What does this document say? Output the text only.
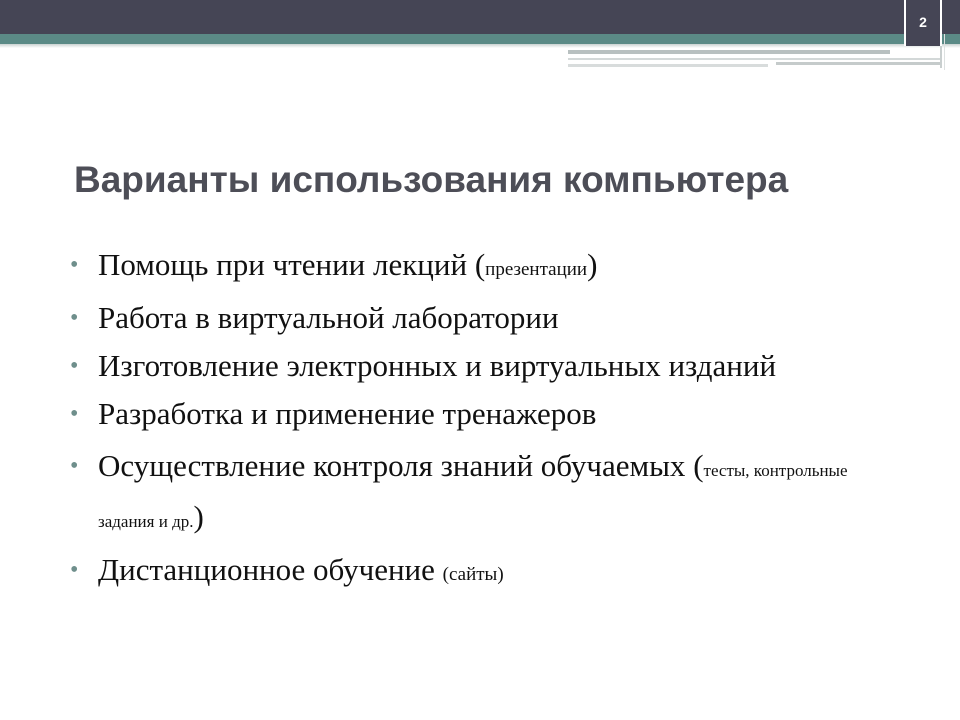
2
Варианты использования компьютера
• Помощь при чтении лекций (презентации)
• Работа в виртуальной лаборатории
• Изготовление электронных и виртуальных изданий
• Разработка и применение тренажеров
• Осуществление контроля знаний обучаемых (тесты, контрольные задания и др.)
• Дистанционное обучение (сайты)
